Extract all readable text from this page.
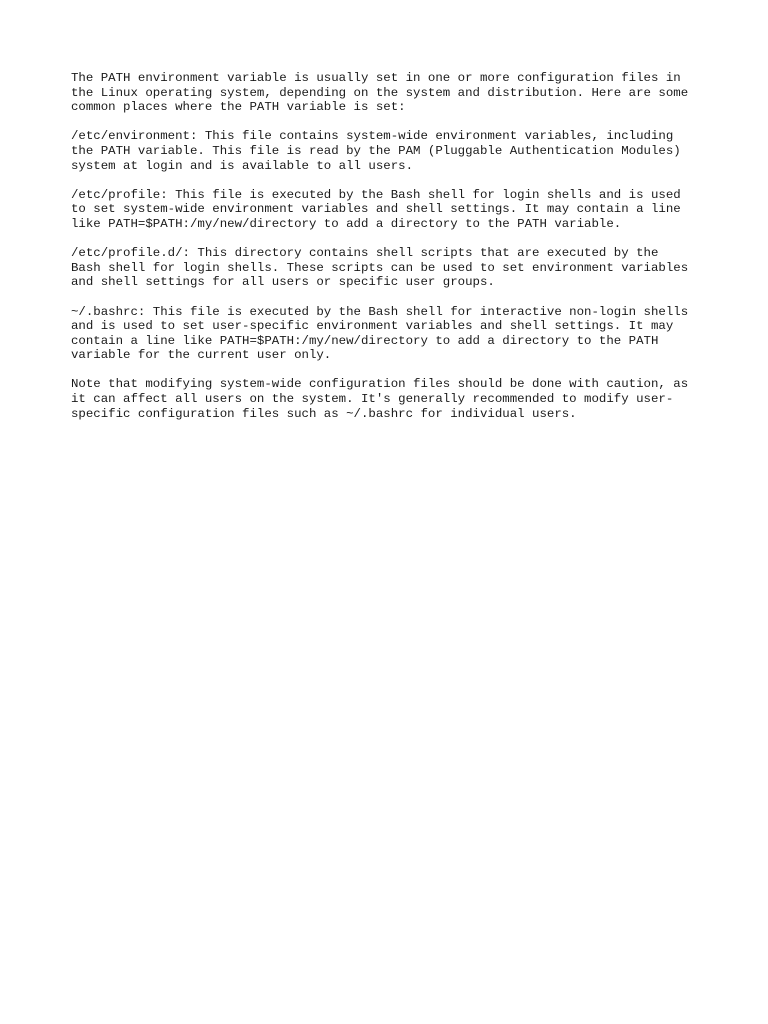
The PATH environment variable is usually set in one or more configuration files in
the Linux operating system, depending on the system and distribution. Here are some
common places where the PATH variable is set:

/etc/environment: This file contains system-wide environment variables, including
the PATH variable. This file is read by the PAM (Pluggable Authentication Modules)
system at login and is available to all users.

/etc/profile: This file is executed by the Bash shell for login shells and is used
to set system-wide environment variables and shell settings. It may contain a line
like PATH=$PATH:/my/new/directory to add a directory to the PATH variable.

/etc/profile.d/: This directory contains shell scripts that are executed by the
Bash shell for login shells. These scripts can be used to set environment variables
and shell settings for all users or specific user groups.

~/.bashrc: This file is executed by the Bash shell for interactive non-login shells
and is used to set user-specific environment variables and shell settings. It may
contain a line like PATH=$PATH:/my/new/directory to add a directory to the PATH
variable for the current user only.

Note that modifying system-wide configuration files should be done with caution, as
it can affect all users on the system. It's generally recommended to modify user-
specific configuration files such as ~/.bashrc for individual users.
